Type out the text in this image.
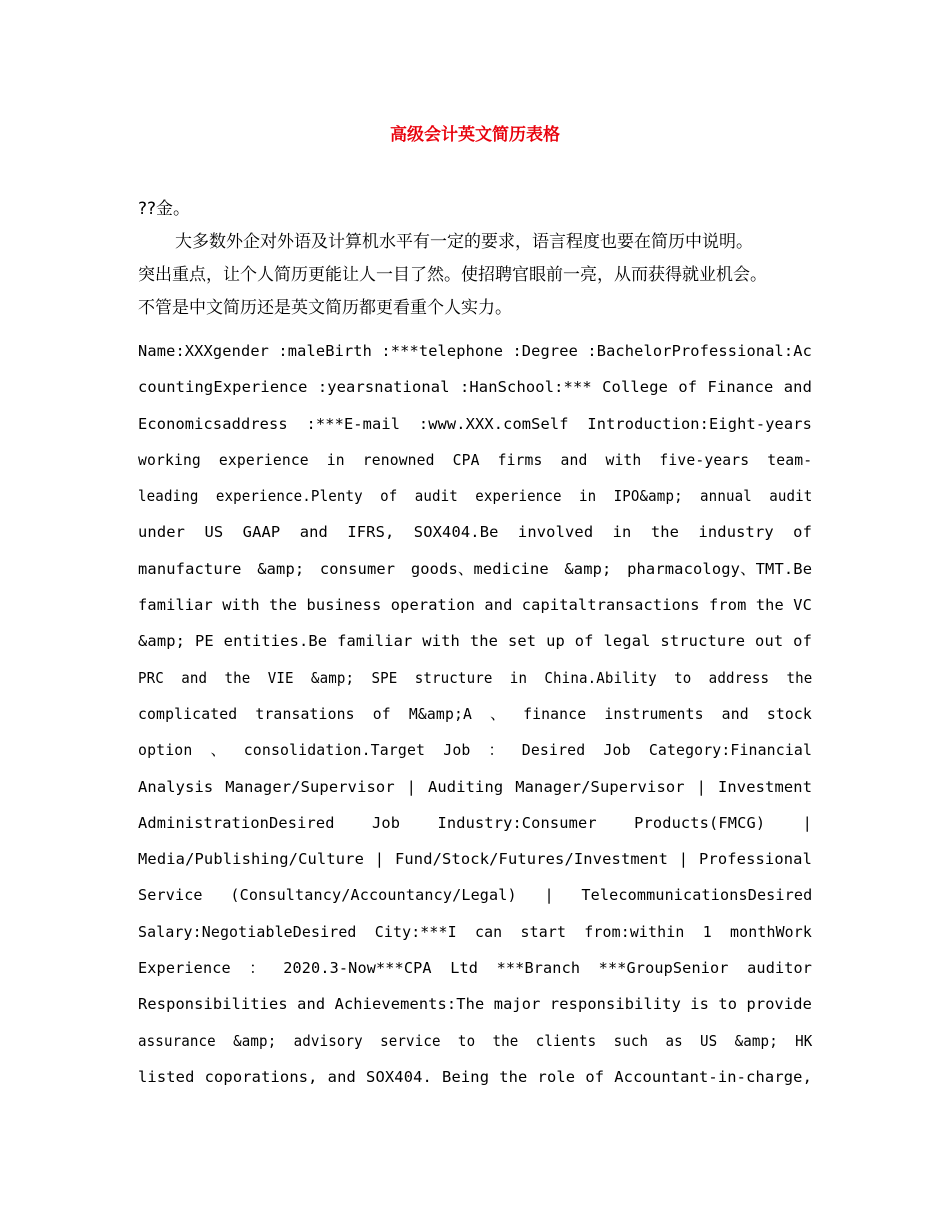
高级会计英文简历表格
??金。
大多数外企对外语及计算机水平有一定的要求，语言程度也要在简历中说明。
突出重点，让个人简历更能让人一目了然。使招聘官眼前一亮，从而获得就业机会。
不管是中文简历还是英文简历都更看重个人实力。
Name:XXXgender :maleBirth :***telephone :Degree :BachelorProfessional:Ac
countingExperience :yearsnational :HanSchool:*** College of Finance and
Economicsaddress  :***E-mail  :www.XXX.comSelf  Introduction:Eight-years
working  experience  in  renowned  CPA  firms  and  with  five-years  team-
leading  experience.Plenty  of  audit  experience  in  IPO&amp;  annual  audit
under  US  GAAP  and  IFRS,  SOX404.Be  involved  in  the  industry  of
manufacture &amp; consumer goods、medicine &amp; pharmacology、TMT.Be
familiar with the business operation and capitaltransactions from the VC
&amp; PE entities.Be familiar with the set up of legal structure out of
PRC  and  the  VIE  &amp;  SPE  structure  in  China.Ability  to  address  the
complicated  transations  of  M&amp;A  、  finance  instruments  and  stock
option  、  consolidation.Target  Job  ：  Desired  Job  Category:Financial
Analysis Manager/Supervisor | Auditing Manager/Supervisor | Investment
AdministrationDesired    Job    Industry:Consumer    Products(FMCG)    |
Media/Publishing/Culture | Fund/Stock/Futures/Investment | Professional
Service   (Consultancy/Accountancy/Legal)   |   TelecommunicationsDesired
Salary:NegotiableDesired  City:***I  can  start  from:within  1  monthWork
Experience  ：  2020.3-Now***CPA  Ltd  ***Branch  ***GroupSenior  auditor
Responsibilities and Achievements:The major responsibility is to provide
assurance  &amp;  advisory  service  to  the  clients  such  as  US  &amp;  HK
listed coporations, and SOX404. Being the role of Accountant-in-charge,
